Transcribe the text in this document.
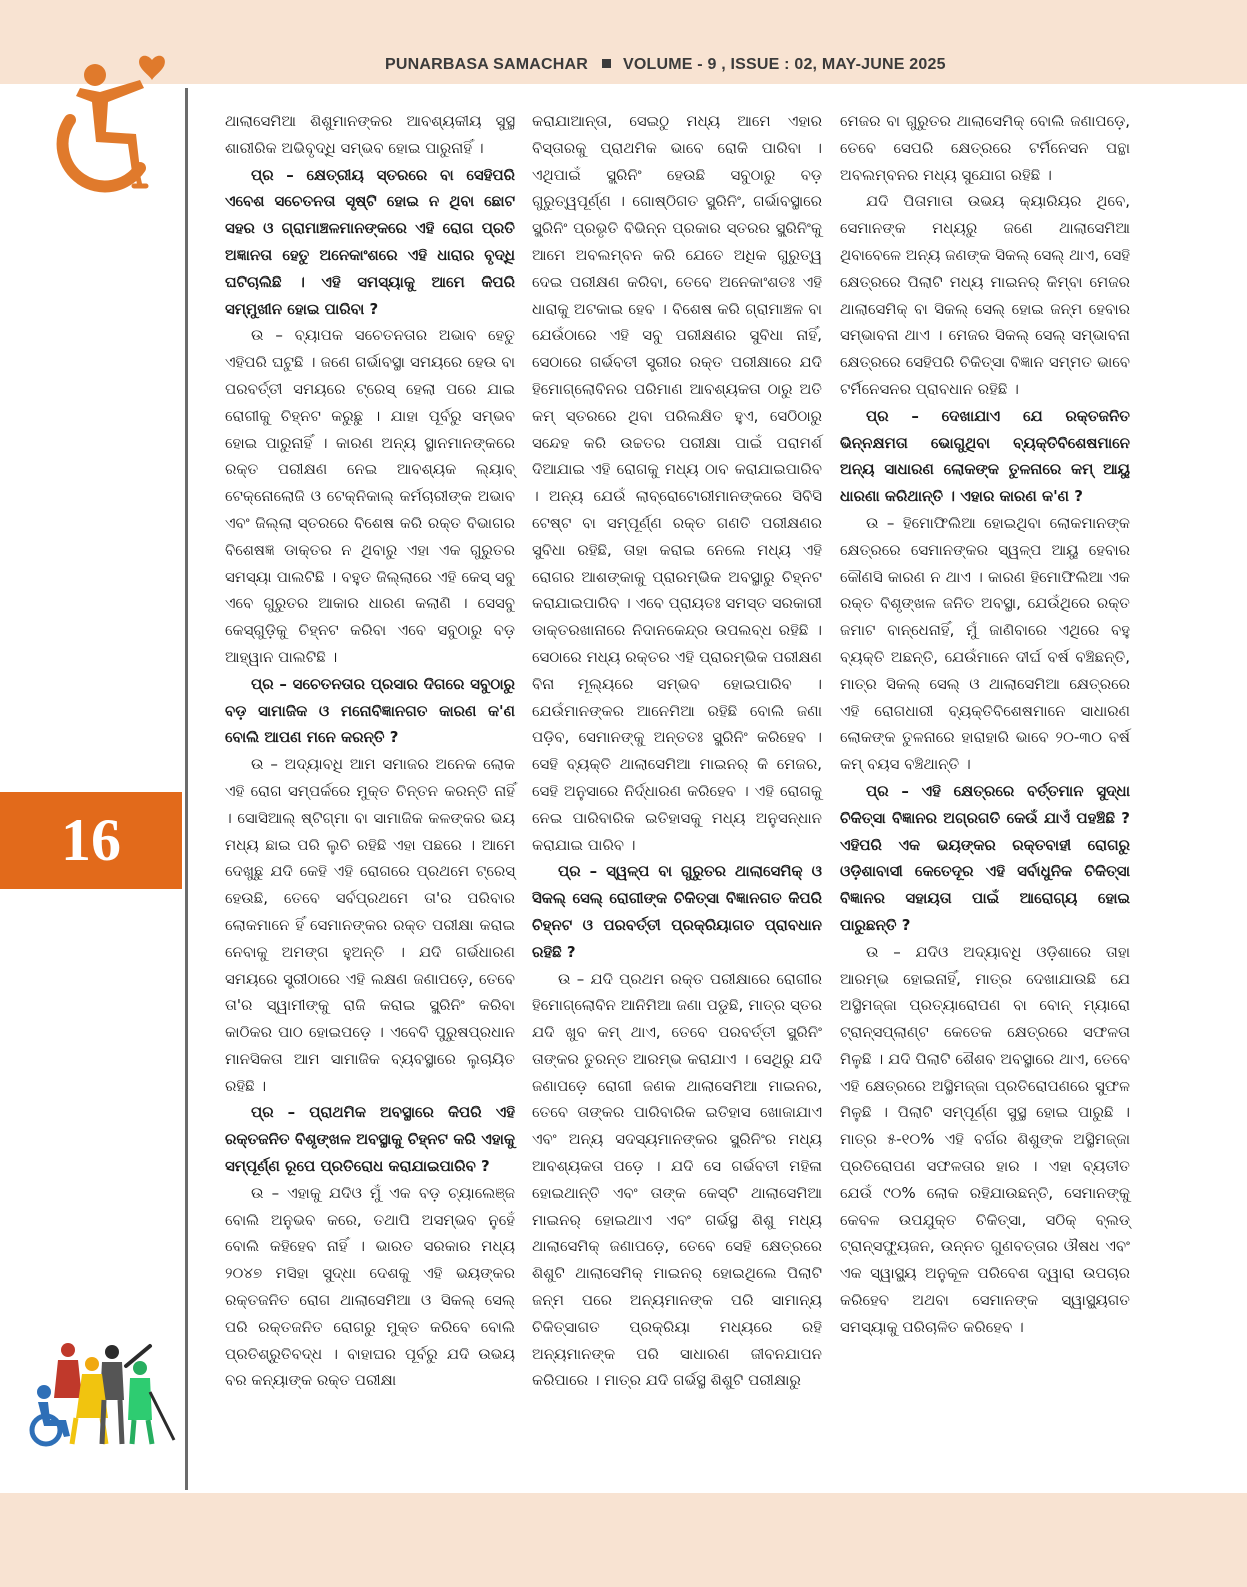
PUNARBASA SAMACHAR VOLUME - 9 , ISSUE : 02, MAY-JUNE 2025
16

ଥାଲାସେମିଆ ଶିଶୁମାନଙ୍କର ଆବଶ୍ୟକୀୟ ସୁସ୍ଥ ଶାରୀରିକ ଅଭିବୃଦ୍ଧି ସମ୍ଭବ ହୋଇ ପାରୁନାହିଁ ।

ପ୍ର – କ୍ଷେତ୍ରୀୟ ସ୍ତରରେ ବା ସେହିପରି ଏବେଶ ସଚେତନତା ସୃଷ୍ଟି ହୋଇ ନ ଥିବା ଛୋଟ ସହର ଓ ଗ୍ରାମାଞ୍ଚଳମାନଙ୍କରେ ଏହି ରୋଗ ପ୍ରତି ଅଜ୍ଞାନତା ହେତୁ ଅନେକାଂଶରେ ଏହି ଧାରାର ବୃଦ୍ଧି ଘଟିଚାଲିଛି । ଏହି ସମସ୍ୟାକୁ ଆମେ କିପରି ସମ୍ମୁଖୀନ ହୋଇ ପାରିବା ?

ଉ – ବ୍ୟାପକ ସଚେତନତାର ଅଭାବ ହେତୁ ଏହିପରି ଘଟୁଛି । ଜଣେ ଗର୍ଭାବସ୍ଥା ସମୟରେ ହେଉ ବା ପରବର୍ତ୍ତୀ ସମୟରେ ଟ୍ରେସ୍ ହେଲା ପରେ ଯାଇ ରୋଗୀକୁ ଚିହ୍ନଟ କରୁଛୁ । ଯାହା ପୂର୍ବରୁ ସମ୍ଭବ ହୋଇ ପାରୁନାହିଁ । କାରଣ ଅନ୍ୟ ସ୍ଥାନମାନଙ୍କରେ ରକ୍ତ ପରୀକ୍ଷଣ ନେଇ ଆବଶ୍ୟକ ଲ୍ୟାବ୍ ଟେକ୍ନୋଲୋଜି ଓ ଟେକ୍ନିକାଲ୍ କର୍ମଚାରୀଙ୍କ ଅଭାବ ଏବଂ ଜିଲ୍ଲା ସ୍ତରରେ ବିଶେଷ କରି ରକ୍ତ ବିଭାଗର ବିଶେଷଜ୍ଞ ଡାକ୍ତର ନ ଥିବାରୁ ଏହା ଏକ ଗୁରୁତର ସମସ୍ୟା ପାଲଟିଛି । ବହୁତ ଜିଲ୍ଲାରେ ଏହି କେସ୍ ସବୁ ଏବେ ଗୁରୁତର ଆକାର ଧାରଣ କଲାଣି । ସେସବୁ କେସ୍‌ଗୁଡ଼ିକୁ ଚିହ୍ନଟ କରିବା ଏବେ ସବୁଠାରୁ ବଡ଼ ଆହ୍ୱାନ ପାଲଟିଛି ।

ପ୍ର – ସଚେତନତାର ପ୍ରସାର ଦିଗରେ ସବୁଠାରୁ ବଡ଼ ସାମାଜିକ ଓ ମନୋବିଜ୍ଞାନଗତ କାରଣ କ'ଣ ବୋଲି ଆପଣ ମନେ କରନ୍ତି ?

ଉ – ଅଦ୍ୟାବଧି ଆମ ସମାଜର ଅନେକ ଲୋକ ଏହି ରୋଗ ସମ୍ପର୍କରେ ମୁକ୍ତ ଚିନ୍ତନ କରନ୍ତି ନାହିଁ । ସୋସିଆଲ୍ ଷ୍ଟିଗ୍ମା ବା ସାମାଜିକ କଳଙ୍କର ଭୟ ମଧ୍ୟ ଛାଇ ପରି ଲୁଚି ରହିଛି ଏହା ପଛରେ । ଆମେ ଦେଖୁଛୁ ଯଦି କେହି ଏହି ରୋଗରେ ପ୍ରଥମେ ଟ୍ରେସ୍ ହେଉଛି, ତେବେ ସର୍ବପ୍ରଥମେ ତା'ର ପରିବାର ଲୋକମାନେ ହିଁ ସେମାନଙ୍କର ରକ୍ତ ପରୀକ୍ଷା କରାଇ ନେବାକୁ ଅମଙ୍ଗ ହୁଅନ୍ତି । ଯଦି ଗର୍ଭଧାରଣ ସମୟରେ ସ୍ତ୍ରୀଠାରେ ଏହି ଲକ୍ଷଣ ଜଣାପଡ଼େ, ତେବେ ତା'ର ସ୍ୱାମୀଙ୍କୁ ରାଜି କରାଇ ସ୍କ୍ରିନିଂ କରିବା କାଠିକର ପାଠ ହୋଇପଡ଼େ । ଏବେବି ପୁରୁଷପ୍ରଧାନ ମାନସିକତା ଆମ ସାମାଜିକ ବ୍ୟବସ୍ଥାରେ ଲୁଚାୟିତ ରହିଛି ।

ପ୍ର – ପ୍ରାଥମିକ ଅବସ୍ଥାରେ କିପରି ଏହି ରକ୍ତଜନିତ ବିଶୃଙ୍ଖଳ ଅବସ୍ଥାକୁ ଚିହ୍ନଟ କରି ଏହାକୁ ସମ୍ପୂର୍ଣ୍ଣ ରୂପେ ପ୍ରତିରୋଧ କରାଯାଇପାରିବ ?

ଉ – ଏହାକୁ ଯଦିଓ ମୁଁ ଏକ ବଡ଼ ଚ୍ୟାଲେଞ୍ଜ ବୋଲି ଅନୁଭବ କରେ, ତଥାପି ଅସମ୍ଭବ ନୁହେଁ ବୋଲି କହିହେବ ନାହିଁ । ଭାରତ ସରକାର ମଧ୍ୟ ୨୦୪୭ ମସିହା ସୁଦ୍ଧା ଦେଶକୁ ଏହି ଭୟଙ୍କର ରକ୍ତଜନିତ ରୋଗ ଥାଲାସେମିଆ ଓ ସିକଲ୍ ସେଲ୍ ପରି ରକ୍ତଜନିତ ରୋଗରୁ ମୁକ୍ତ କରିବେ ବୋଲି ପ୍ରତିଶ୍ରୁତିବଦ୍ଧ । ବାହାଘର ପୂର୍ବରୁ ଯଦି ଉଭୟ ବର କନ୍ୟାଙ୍କ ରକ୍ତ ପରୀକ୍ଷା

କରାଯାଆନ୍ତା, ସେଇଠୁ ମଧ୍ୟ ଆମେ ଏହାର ବିସ୍ତାରକୁ ପ୍ରାଥମିକ ଭାବେ ରୋକି ପାରିବା । ଏଥିପାଇଁ ସ୍କ୍ରିନିଂ ହେଉଛି ସବୁଠାରୁ ବଡ଼ ଗୁରୁତ୍ୱପୂର୍ଣ୍ଣ । ଗୋଷ୍ଠିଗତ ସ୍କ୍ରିନିଂ, ଗର୍ଭାବସ୍ଥାରେ ସ୍କ୍ରିନିଂ ପ୍ରଭୃତି ବିଭିନ୍ନ ପ୍ରକାର ସ୍ତରର ସ୍କ୍ରିନିଂକୁ ଆମେ ଅବଲମ୍ବନ କରି ଯେତେ ଅଧିକ ଗୁରୁତ୍ୱ ଦେଇ ପରୀକ୍ଷଣ କରିବା, ତେବେ ଅନେକାଂଶତଃ ଏହି ଧାରାକୁ ଅଟକାଇ ହେବ । ବିଶେଷ କରି ଗ୍ରାମାଞ୍ଚଳ ବା ଯେଉଁଠାରେ ଏହି ସବୁ ପରୀକ୍ଷଣର ସୁବିଧା ନାହିଁ, ସେଠାରେ ଗର୍ଭବତୀ ସ୍ତ୍ରୀର ରକ୍ତ ପରୀକ୍ଷାରେ ଯଦି ହିମୋଗ୍ଲୋବିନର ପରିମାଣ ଆବଶ୍ୟକତା ଠାରୁ ଅତି କମ୍ ସ୍ତରରେ ଥିବା ପରିଲକ୍ଷିତ ହୁଏ, ସେଠିଠାରୁ ସନ୍ଦେହ କରି ଉଚ୍ଚତର ପରୀକ୍ଷା ପାଇଁ ପରାମର୍ଶ ଦିଆଯାଇ ଏହି ରୋଗକୁ ମଧ୍ୟ ଠାବ କରାଯାଇପାରିବ । ଅନ୍ୟ ଯେଉଁ ଲାବ୍ରୋଟୋରୀମାନଙ୍କରେ ସିବିସି ଟେଷ୍ଟ ବା ସମ୍ପୂର୍ଣ୍ଣ ରକ୍ତ ଗଣତି ପରୀକ୍ଷଣର ସୁବିଧା ରହିଛି, ତାହା କରାଇ ନେଲେ ମଧ୍ୟ ଏହି ରୋଗର ଆଶଙ୍କାକୁ ପ୍ରାରମ୍ଭିକ ଅବସ୍ଥାରୁ ଚିହ୍ନଟ କରାଯାଇପାରିବ । ଏବେ ପ୍ରାୟତଃ ସମସ୍ତ ସରକାରୀ ଡାକ୍ତରଖାନାରେ ନିଦାନକେନ୍ଦ୍ର ଉପଲବ୍ଧ ରହିଛି । ସେଠାରେ ମଧ୍ୟ ରକ୍ତର ଏହି ପ୍ରାରମ୍ଭିକ ପରୀକ୍ଷଣ ବିନା ମୂଲ୍ୟରେ ସମ୍ଭବ ହୋଇପାରିବ । ଯେଉଁମାନଙ୍କର ଆନେମିଆ ରହିଛି ବୋଲି ଜଣା ପଡ଼ିବ, ସେମାନଙ୍କୁ ଅନ୍ତତଃ ସ୍କ୍ରିନିଂ କରିହେବ । ସେହି ବ୍ୟକ୍ତି ଥାଲାସେମିଆ ମାଇନର୍ କି ମେଜର, ସେହି ଅନୁସାରେ ନିର୍ଦ୍ଧାରଣ କରିହେବ । ଏହି ରୋଗକୁ ନେଇ ପାରିବାରିକ ଇତିହାସକୁ ମଧ୍ୟ ଅନୁସନ୍ଧାନ କରାଯାଇ ପାରିବ ।

ପ୍ର – ସ୍ୱଳ୍ପ ବା ଗୁରୁତର ଥାଲାସେମିକ୍ ଓ ସିକଲ୍ ସେଲ୍ ରୋଗୀଙ୍କ ଚିକିତ୍ସା ବିଜ୍ଞାନଗତ କିପରି ଚିହ୍ନଟ ଓ ପରବର୍ତ୍ତୀ ପ୍ରକ୍ରିୟାଗତ ପ୍ରାବଧାନ ରହିଛି ?

ଉ – ଯଦି ପ୍ରଥମ ରକ୍ତ ପରୀକ୍ଷାରେ ରୋଗୀର ହିମୋଗ୍ଲୋବିନ ଆନିମିଆ ଜଣା ପଡୁଛି, ମାତ୍ର ସ୍ତର ଯଦି ଖୁବ କମ୍ ଥାଏ, ତେବେ ପରବର୍ତ୍ତୀ ସ୍କ୍ରିନିଂ ତାଙ୍କର ତୁରନ୍ତ ଆରମ୍ଭ କରାଯାଏ । ସେଥିରୁ ଯଦି ଜଣାପଡ଼େ ରୋଗୀ ଜଣକ ଥାଲାସେମିଆ ମାଇନର, ତେବେ ତାଙ୍କର ପାରିବାରିକ ଇତିହାସ ଖୋଜାଯାଏ ଏବଂ ଅନ୍ୟ ସଦସ୍ୟମାନଙ୍କର ସ୍କ୍ରିନିଂର ମଧ୍ୟ ଆବଶ୍ୟକତା ପଡ଼େ । ଯଦି ସେ ଗର୍ଭବତୀ ମହିଳା ହୋଇଥାନ୍ତି ଏବଂ ତାଙ୍କ କେସ୍‌ଟି ଥାଲାସେମିଆ ମାଇନର୍ ହୋଇଥାଏ ଏବଂ ଗର୍ଭସ୍ଥ ଶିଶୁ ମଧ୍ୟ ଥାଲାସେମିକ୍ ଜଣାପଡ଼େ, ତେବେ ସେହି କ୍ଷେତ୍ରରେ ଶିଶୁଟି ଥାଲାସେମିକ୍ ମାଇନର୍ ହୋଇଥିଲେ ପିଲାଟି ଜନ୍ମ ପରେ ଅନ୍ୟମାନଙ୍କ ପରି ସାମାନ୍ୟ ଚିକିତ୍ସାଗତ ପ୍ରକ୍ରିୟା ମଧ୍ୟରେ ରହି ଅନ୍ୟମାନଙ୍କ ପରି ସାଧାରଣ ଜୀବନଯାପନ କରିପାରେ । ମାତ୍ର ଯଦି ଗର୍ଭସ୍ଥ ଶିଶୁଟି ପରୀକ୍ଷାରୁ

ମେଜର ବା ଗୁରୁତର ଥାଲାସେମିକ୍ ବୋଲି ଜଣାପଡ଼େ, ତେବେ ସେପରି କ୍ଷେତ୍ରରେ ଟର୍ମିନେସନ ପନ୍ଥା ଅବଲମ୍ବନର ମଧ୍ୟ ସୁଯୋଗ ରହିଛି ।

ଯଦି ପିତାମାତା ଉଭୟ କ୍ୟାରିୟର ଥିବେ, ସେମାନଙ୍କ ମଧ୍ୟରୁ ଜଣେ ଥାଲାସେମିଆ ଥିବାବେଳେ ଅନ୍ୟ ଜଣଙ୍କ ସିକଲ୍ ସେଲ୍ ଥାଏ, ସେହି କ୍ଷେତ୍ରରେ ପିଲାଟି ମଧ୍ୟ ମାଇନର୍ କିମ୍ବା ମେଜର ଥାଲାସେମିକ୍ ବା ସିକଲ୍ ସେଲ୍ ହୋଇ ଜନ୍ମ ହେବାର ସମ୍ଭାବନା ଥାଏ । ମେଜର ସିକଲ୍ ସେଲ୍ ସମ୍ଭାବନା କ୍ଷେତ୍ରରେ ସେହିପରି ଚିକିତ୍ସା ବିଜ୍ଞାନ ସମ୍ମତ ଭାବେ ଟର୍ମିନେସନର ପ୍ରାବଧାନ ରହିଛି ।

ପ୍ର – ଦେଖାଯାଏ ଯେ ରକ୍ତଜନିତ ଭିନ୍ନକ୍ଷମତା ଭୋଗୁଥିବା ବ୍ୟକ୍ତିବିଶେଷମାନେ ଅନ୍ୟ ସାଧାରଣ ଲୋକଙ୍କ ତୁଳନାରେ କମ୍ ଆୟୁ ଧାରଣା କରିଥାନ୍ତି । ଏହାର କାରଣ କ'ଣ ?

ଉ – ହିମୋଫିଲିଆ ହୋଇଥିବା ଲୋକମାନଙ୍କ କ୍ଷେତ୍ରରେ ସେମାନଙ୍କର ସ୍ୱଳ୍ପ ଆୟୁ ହେବାର କୌଣସି କାରଣ ନ ଥାଏ । କାରଣ ହିମୋଫିଲିଆ ଏକ ରକ୍ତ ବିଶୃଙ୍ଖଳ ଜନିତ ଅବସ୍ଥା, ଯେଉଁଥିରେ ରକ୍ତ ଜମାଟ ବାନ୍ଧେନାହିଁ, ମୁଁ ଜାଣିବାରେ ଏଥିରେ ବହୁ ବ୍ୟକ୍ତି ଅଛନ୍ତି, ଯେଉଁମାନେ ଦୀର୍ଘ ବର୍ଷ ବଞ୍ଚିଛନ୍ତି, ମାତ୍ର ସିକଲ୍ ସେଲ୍ ଓ ଥାଲାସେମିଆ କ୍ଷେତ୍ରରେ ଏହି ରୋଗଧାରୀ ବ୍ୟକ୍ତିବିଶେଷମାନେ ସାଧାରଣ ଲୋକଙ୍କ ତୁଳନାରେ ହାରାହାରି ଭାବେ ୨୦-୩୦ ବର୍ଷ କମ୍ ବୟସ ବଞ୍ଚିଥାନ୍ତି ।

ପ୍ର – ଏହି କ୍ଷେତ୍ରରେ ବର୍ତ୍ତମାନ ସୁଦ୍ଧା ଚିକିତ୍ସା ବିଜ୍ଞାନର ଅଗ୍ରଗତି କେଉଁ ଯାଏଁ ପହଞ୍ଚିଛି ? ଏହିପରି ଏକ ଭୟଙ୍କର ରକ୍ତବାହୀ ରୋଗରୁ ଓଡ଼ିଶାବାସୀ କେତେଦୂର ଏହି ସର୍ବାଧୁନିକ ଚିକିତ୍ସା ବିଜ୍ଞାନର ସହାୟତା ପାଇଁ ଆରୋଗ୍ୟ ହୋଇ ପାରୁଛନ୍ତି ?

ଉ – ଯଦିଓ ଅଦ୍ୟାବଧି ଓଡ଼ିଶାରେ ତାହା ଆରମ୍ଭ ହୋଇନାହିଁ, ମାତ୍ର ଦେଖାଯାଉଛି ଯେ ଅସ୍ଥିମଜ୍ଜା ପ୍ରତ୍ୟାରୋପଣ ବା ବୋନ୍ ମ୍ୟାରୋ ଟ୍ରାନ୍ସପ୍ଲାଣ୍ଟ କେତେକ କ୍ଷେତ୍ରରେ ସଫଳତା ମିଳୁଛି । ଯଦି ପିଲାଟି ଶୈଶବ ଅବସ୍ଥାରେ ଥାଏ, ତେବେ ଏହି କ୍ଷେତ୍ରରେ ଅସ୍ଥିମଜ୍ଜା ପ୍ରତିରୋପଣରେ ସୁଫଳ ମିଳୁଛି । ପିଲାଟି ସମ୍ପୂର୍ଣ୍ଣ ସୁସ୍ଥ ହୋଇ ପାରୁଛି । ମାତ୍ର ୫-୧୦% ଏହି ବର୍ଗର ଶିଶୁଙ୍କ ଅସ୍ଥିମଜ୍ଜା ପ୍ରତିରୋପଣ ସଫଳତାର ହାର । ଏହା ବ୍ୟତୀତ ଯେଉଁ ୯୦% ଲୋକ ରହିଯାଉଛନ୍ତି, ସେମାନଙ୍କୁ କେବଳ ଉପଯୁକ୍ତ ଚିକିତ୍ସା, ସଠିକ୍ ବ୍ଲଡ୍ ଟ୍ରାନ୍ସଫ୍ୟୁଜନ, ଉନ୍ନତ ଗୁଣବତ୍ତାର ଔଷଧ ଏବଂ ଏକ ସ୍ୱାସ୍ଥ୍ୟ ଅନୁକୂଳ ପରିବେଶ ଦ୍ୱାରା ଉପଚାର କରିହେବ ଅଥବା ସେମାନଙ୍କ ସ୍ୱାସ୍ଥ୍ୟଗତ ସମସ୍ୟାକୁ ପରିଚାଳିତ କରିହେବ ।
